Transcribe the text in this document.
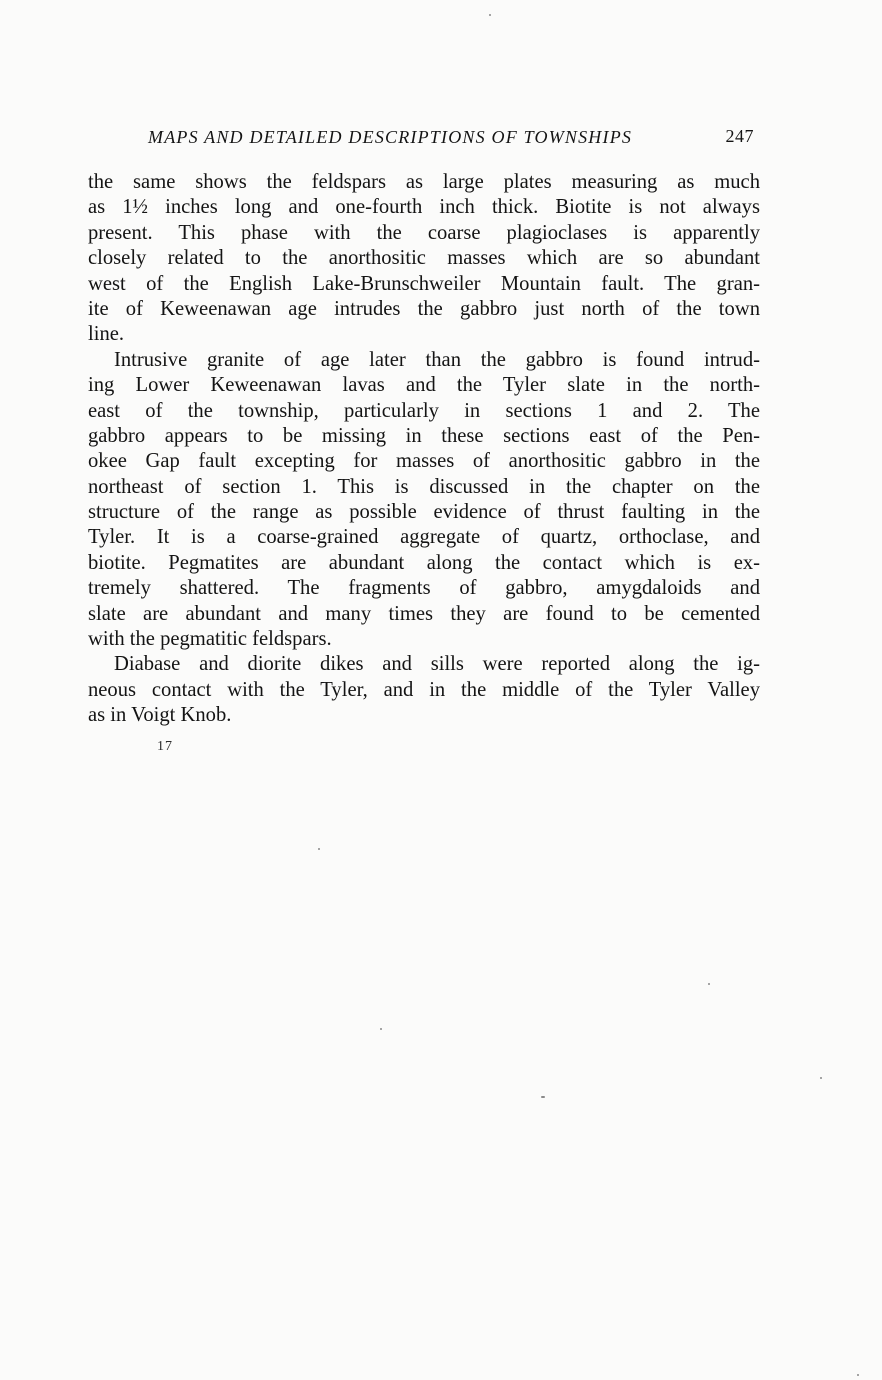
MAPS AND DETAILED DESCRIPTIONS OF TOWNSHIPS	247
the same shows the feldspars as large plates measuring as much
as 1½ inches long and one-fourth inch thick. Biotite is not always
present. This phase with the coarse plagioclases is apparently
closely related to the anorthositic masses which are so abundant
west of the English Lake-Brunschweiler Mountain fault. The gran-
ite of Keweenawan age intrudes the gabbro just north of the town
line.
Intrusive granite of age later than the gabbro is found intrud-
ing Lower Keweenawan lavas and the Tyler slate in the north-
east of the township, particularly in sections 1 and 2. The
gabbro appears to be missing in these sections east of the Pen-
okee Gap fault excepting for masses of anorthositic gabbro in the
northeast of section 1. This is discussed in the chapter on the
structure of the range as possible evidence of thrust faulting in the
Tyler. It is a coarse-grained aggregate of quartz, orthoclase, and
biotite. Pegmatites are abundant along the contact which is ex-
tremely shattered. The fragments of gabbro, amygdaloids and
slate are abundant and many times they are found to be cemented
with the pegmatitic feldspars.
Diabase and diorite dikes and sills were reported along the ig-
neous contact with the Tyler, and in the middle of the Tyler Valley
as in Voigt Knob.
17
